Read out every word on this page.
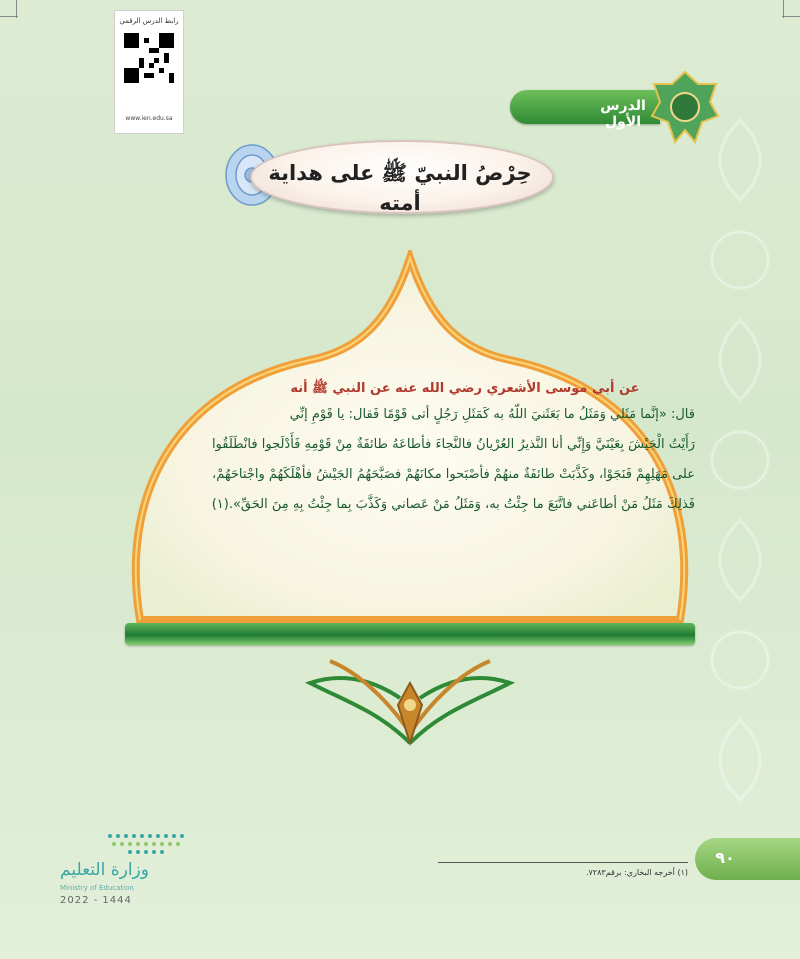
رابط الدرس الرقمي
www.ien.edu.sa
الدرس الأول
حِرْصُ النبيّ ﷺ على هداية أمته
عن أبي موسى الأشعري رضي الله عنه عن النبي ﷺ أنه
قال: «إنَّما مَثَلي وَمَثَلُ ما بَعَثَنيَ اللّهُ به كَمَثَلِ رَجُلٍ أتى قَوْمًا فَقال: يا قَوْمِ إنِّي
رَأَيْتُ الْجَيْشَ بِعَيْنَيَّ وَإِنِّي أنا النَّذيرُ العُرْيانُ فالنَّجاءَ فأطاعَهُ طائفَةٌ مِنْ قَوْمِهِ فَأَدْلَجوا فانْطَلَقُوا
على مَهَلِهِمْ فَنَجَوْا، وكَذَّبَتْ طائفَةٌ منهُمْ فأصْبَحوا مكانَهُمْ فصَبَّحَهُمُ الجَيْشُ فأهْلَكَهُمْ واجْتاحَهُمْ،
فَذلِكَ مَثَلُ مَنْ أطاعَني فاتَّبَعَ ما جِئْتُ به، وَمَثَلُ مَنْ عَصاني وَكَذَّبَ بِما جِئْتُ بِهِ مِنَ الحَقِّ».(١)
(١) أخرجه البخاري: برقم٧٢٨٣.
٩٠
وزارة التعليم
Ministry of Education
2022 - 1444
